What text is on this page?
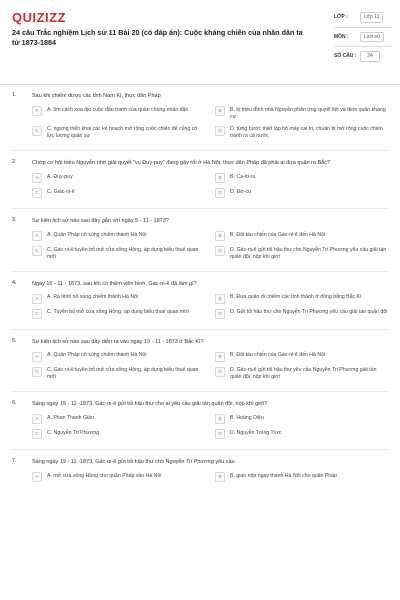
QUIZIZZ
24 câu Trắc nghiệm Lịch sử 11 Bài 20 (có đáp án): Cuộc kháng chiến của nhân dân ta từ 1873-1884
LỚP :	Lớp 11
MÔN :	Lịch sử
SỐ CÂU :	24
1.	Sau khi chiếm được các tỉnh Nam Kì, thực dân Pháp
A	A. tìm cách xoa dịu cuộc đấu tranh của quần chúng nhân dân	B	B. bị triều đình nhà Nguyễn phản ứng quyết liệt và đem quân kháng cự
C	C. ngừng triển khai các kế hoạch mở rộng cuộc chiến để củng cố lực lượng quân sự
D	D. từng bước thiết lập bộ máy cai trị, chuẩn bị mở rộng cuộc chiến tranh ra cả nước
2.	Chớp cơ hội triều Nguyễn nhờ giải quyết "vụ Đuy-puy" đang gây rối ở Hà Nội, thực dân Pháp đã phái ai đưa quân ra Bắc?
A	A. Đuy-puy	B	B. Ca-to-ru
C	C. Giác-ni-ê	D	D. Đờ-cu
3.	Sự kiện lịch sử nào sau đây gắn với ngày 5 - 11 - 1873?
A	A. Quân Pháp nổ súng chiếm thành Hà Nội	B	B. Đội tàu chiến của Gác-ni-ê đến Hà Nội
C	C. Gác-ni-ê tuyên bố mở cửa sông Hồng, áp dụng biểu thuế quan mới
D	D. Gác-ni-ê gửi tối hậu thư cho Nguyễn Tri Phương yêu cầu giải tán quân đội, nộp khí giới
4.	Ngày 16 - 11 - 1873, sau khi có thêm viện binh, Gác-ni-ê đã làm gì?
A	A. Ra lệnh nổ súng chiếm thành Hà Nội	B	B. Đưa quân đi chiếm các tỉnh thành ở đồng bằng Bắc Kì
C	C. Tuyên bố mở cửa sông Hồng, áp dụng biểu thuế quan mới	D	D. Gửi tối hậu thư cho Nguyễn Tri Phương yêu cầu giải tán quân đội
5.	Sự kiện lịch sử nào sau đây diễn ra vào ngày 19 - 11 - 1873 ở Bắc Kì?
A	A. Quân Pháp nổ súng chiếm thành Hà Nội	B	B. Đội tàu chiến của Gác-ni-ê đến Hà Nội
C	C. Gác-ni-ê tuyên bố mở cửa sông Hồng, áp dụng biểu thuế quan mới
D	D. Gác-ni-ê gửi tối hậu thư yêu cầu Nguyễn Tri Phương giải tán quân đội, nộp khí giới
6.	Sáng ngày 19 - 11 -1873, Gác-ni-ê gửi tối hậu thư cho ai yêu cầu giải tán quân đội, nộp khí giới?
A	A. Phan Thanh Giản	B	B. Hoàng Diệu
C	C. Nguyễn Tri Phương	D	D. Nguyễn Trung Trực
7.	Sáng ngày 19 - 11 -1873, Gác-ni-ê gửi tối hậu thư cho Nguyễn Tri Phương yêu cầu
A	A. mở cửa sông Hồng cho quân Pháp vào Hà Nội	B	B. giao nộp ngay thành Hà Nội cho quân Pháp
